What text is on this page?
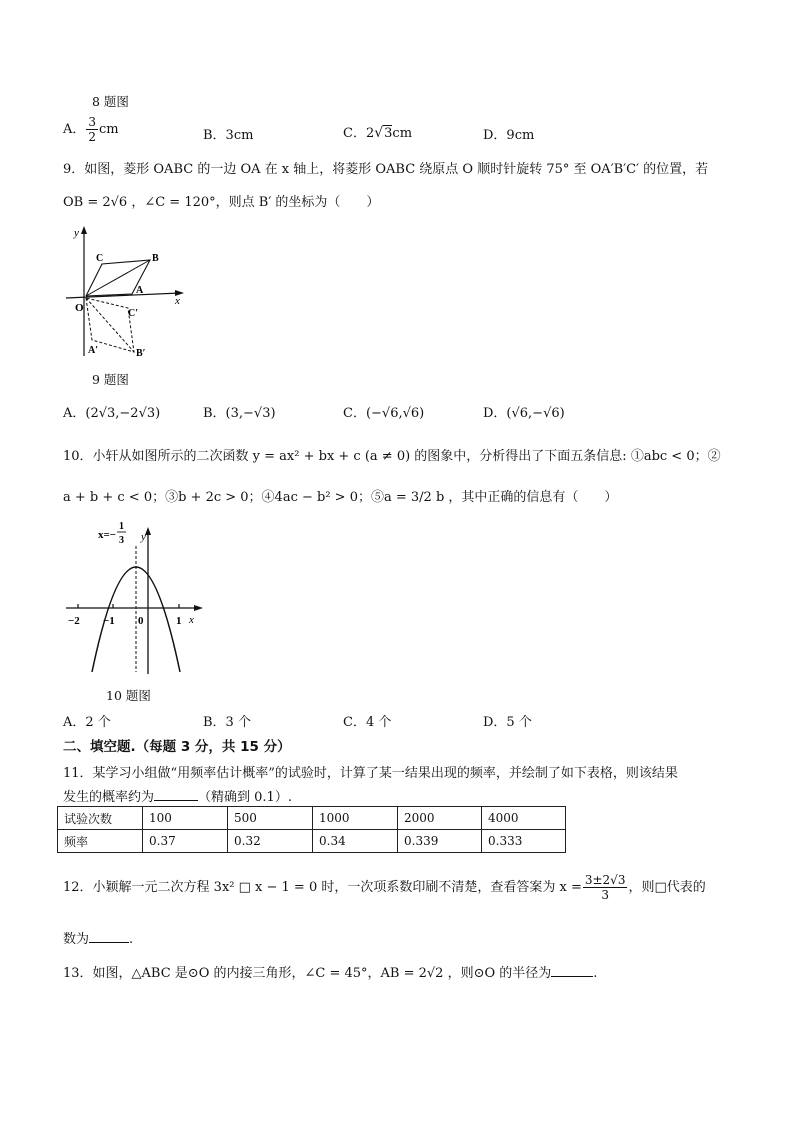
8 题图
A． $\frac{3}{2}$ cm	B．3cm	C．2√3cm	D．9cm
9．如图，菱形 OABC 的一边 OA 在 x 轴上，将菱形 OABC 绕原点 O 顺时针旋转 75° 至 OA′B′C′ 的位置，若
OB = 2√6 ，∠C = 120°，则点 B′ 的坐标为（　　）
y
x
O
A
B
C
C′
B′
A′
9 题图
A．(2√3,−2√3)	B．(3,−√3)	C．(−√6,√6)	D．(√6,−√6)
10．小轩从如图所示的二次函数 y = ax² + bx + c (a ≠ 0) 的图象中，分析得出了下面五条信息: ①abc < 0；②
a + b + c < 0；③b + 2c > 0；④4ac − b² > 0；⑤a = 3/2 b ，其中正确的信息有（　　）
x=−
1
3 y
x
−2 −1 0	1
10 题图
A．2 个	B．3 个	C．4 个	D．5 个
二、填空题.（每题 3 分，共 15 分）
11．某学习小组做“用频率估计概率”的试验时，计算了某一结果出现的频率，并绘制了如下表格，则该结果
发生的概率约为	（精确到 0.1）.
试验次数	100	500	1000	2000	4000
频率	0.37	0.32	0.34	0.339	0.333
12．小颖解一元二次方程 3x² □ x − 1 = 0 时，一次项系数印刷不清楚，查看答案为 $x = \frac{3\pm 2√3}{3}$ ，则□代表的
数为	.
13．如图，△ABC 是⊙O 的内接三角形，∠C = 45°，AB = 2√2 ，则⊙O 的半径为	.
